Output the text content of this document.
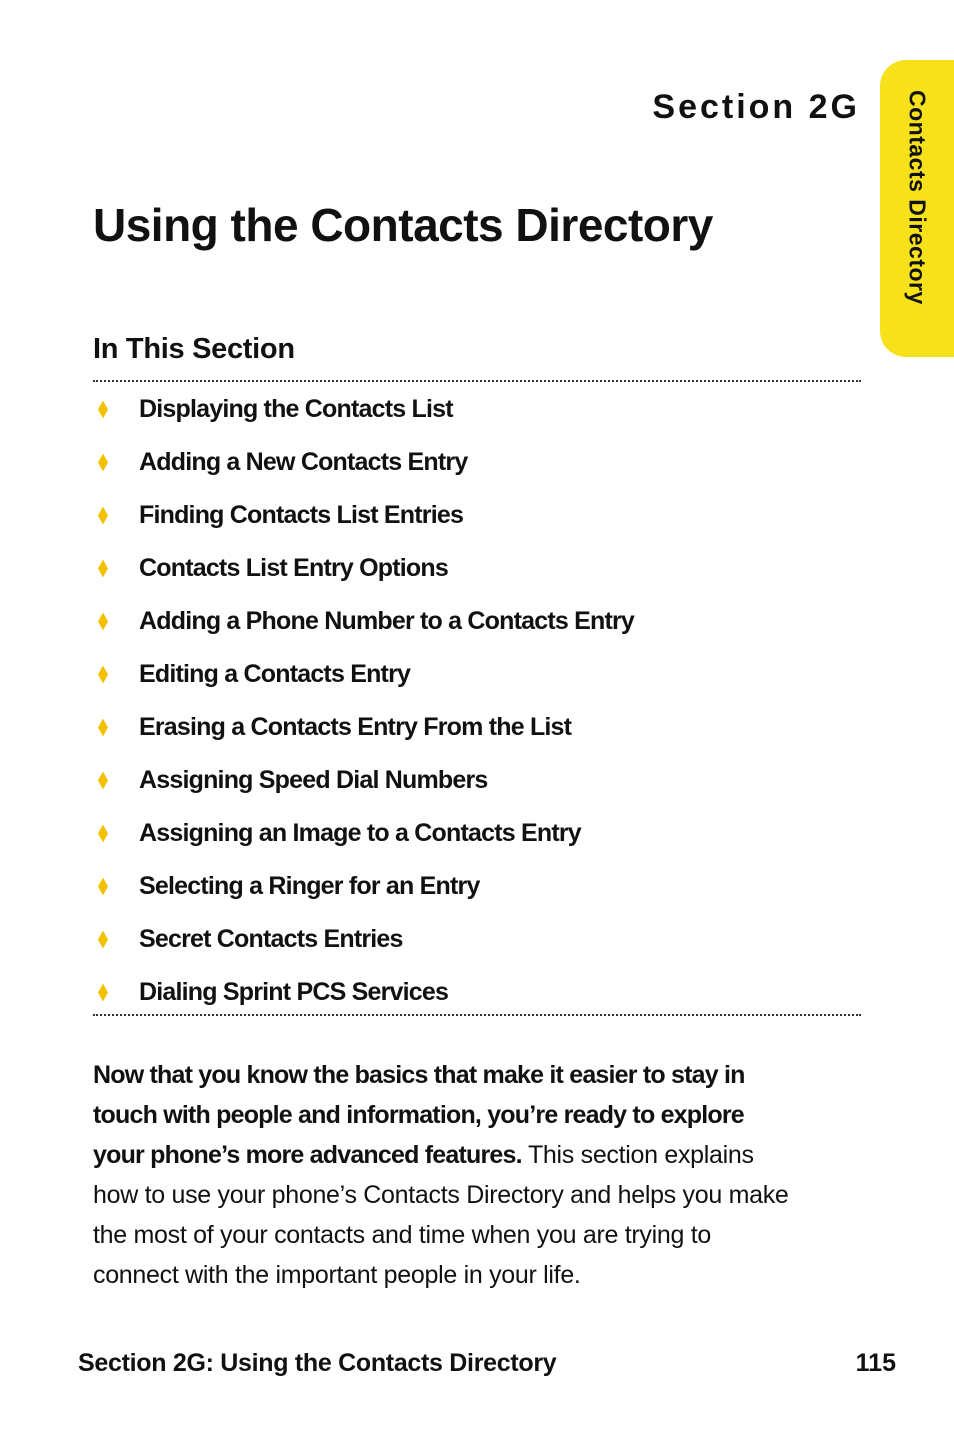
Contacts Directory
Section 2G
Using the Contacts Directory
In This Section
Displaying the Contacts List
Adding a New Contacts Entry
Finding Contacts List Entries
Contacts List Entry Options
Adding a Phone Number to a Contacts Entry
Editing a Contacts Entry
Erasing a Contacts Entry From the List
Assigning Speed Dial Numbers
Assigning an Image to a Contacts Entry
Selecting a Ringer for an Entry
Secret Contacts Entries
Dialing Sprint PCS Services

Now that you know the basics that make it easier to stay in touch with people and information, you’re ready to explore your phone’s more advanced features. This section explains how to use your phone’s Contacts Directory and helps you make the most of your contacts and time when you are trying to connect with the important people in your life.

Section 2G: Using the Contacts Directory	115
